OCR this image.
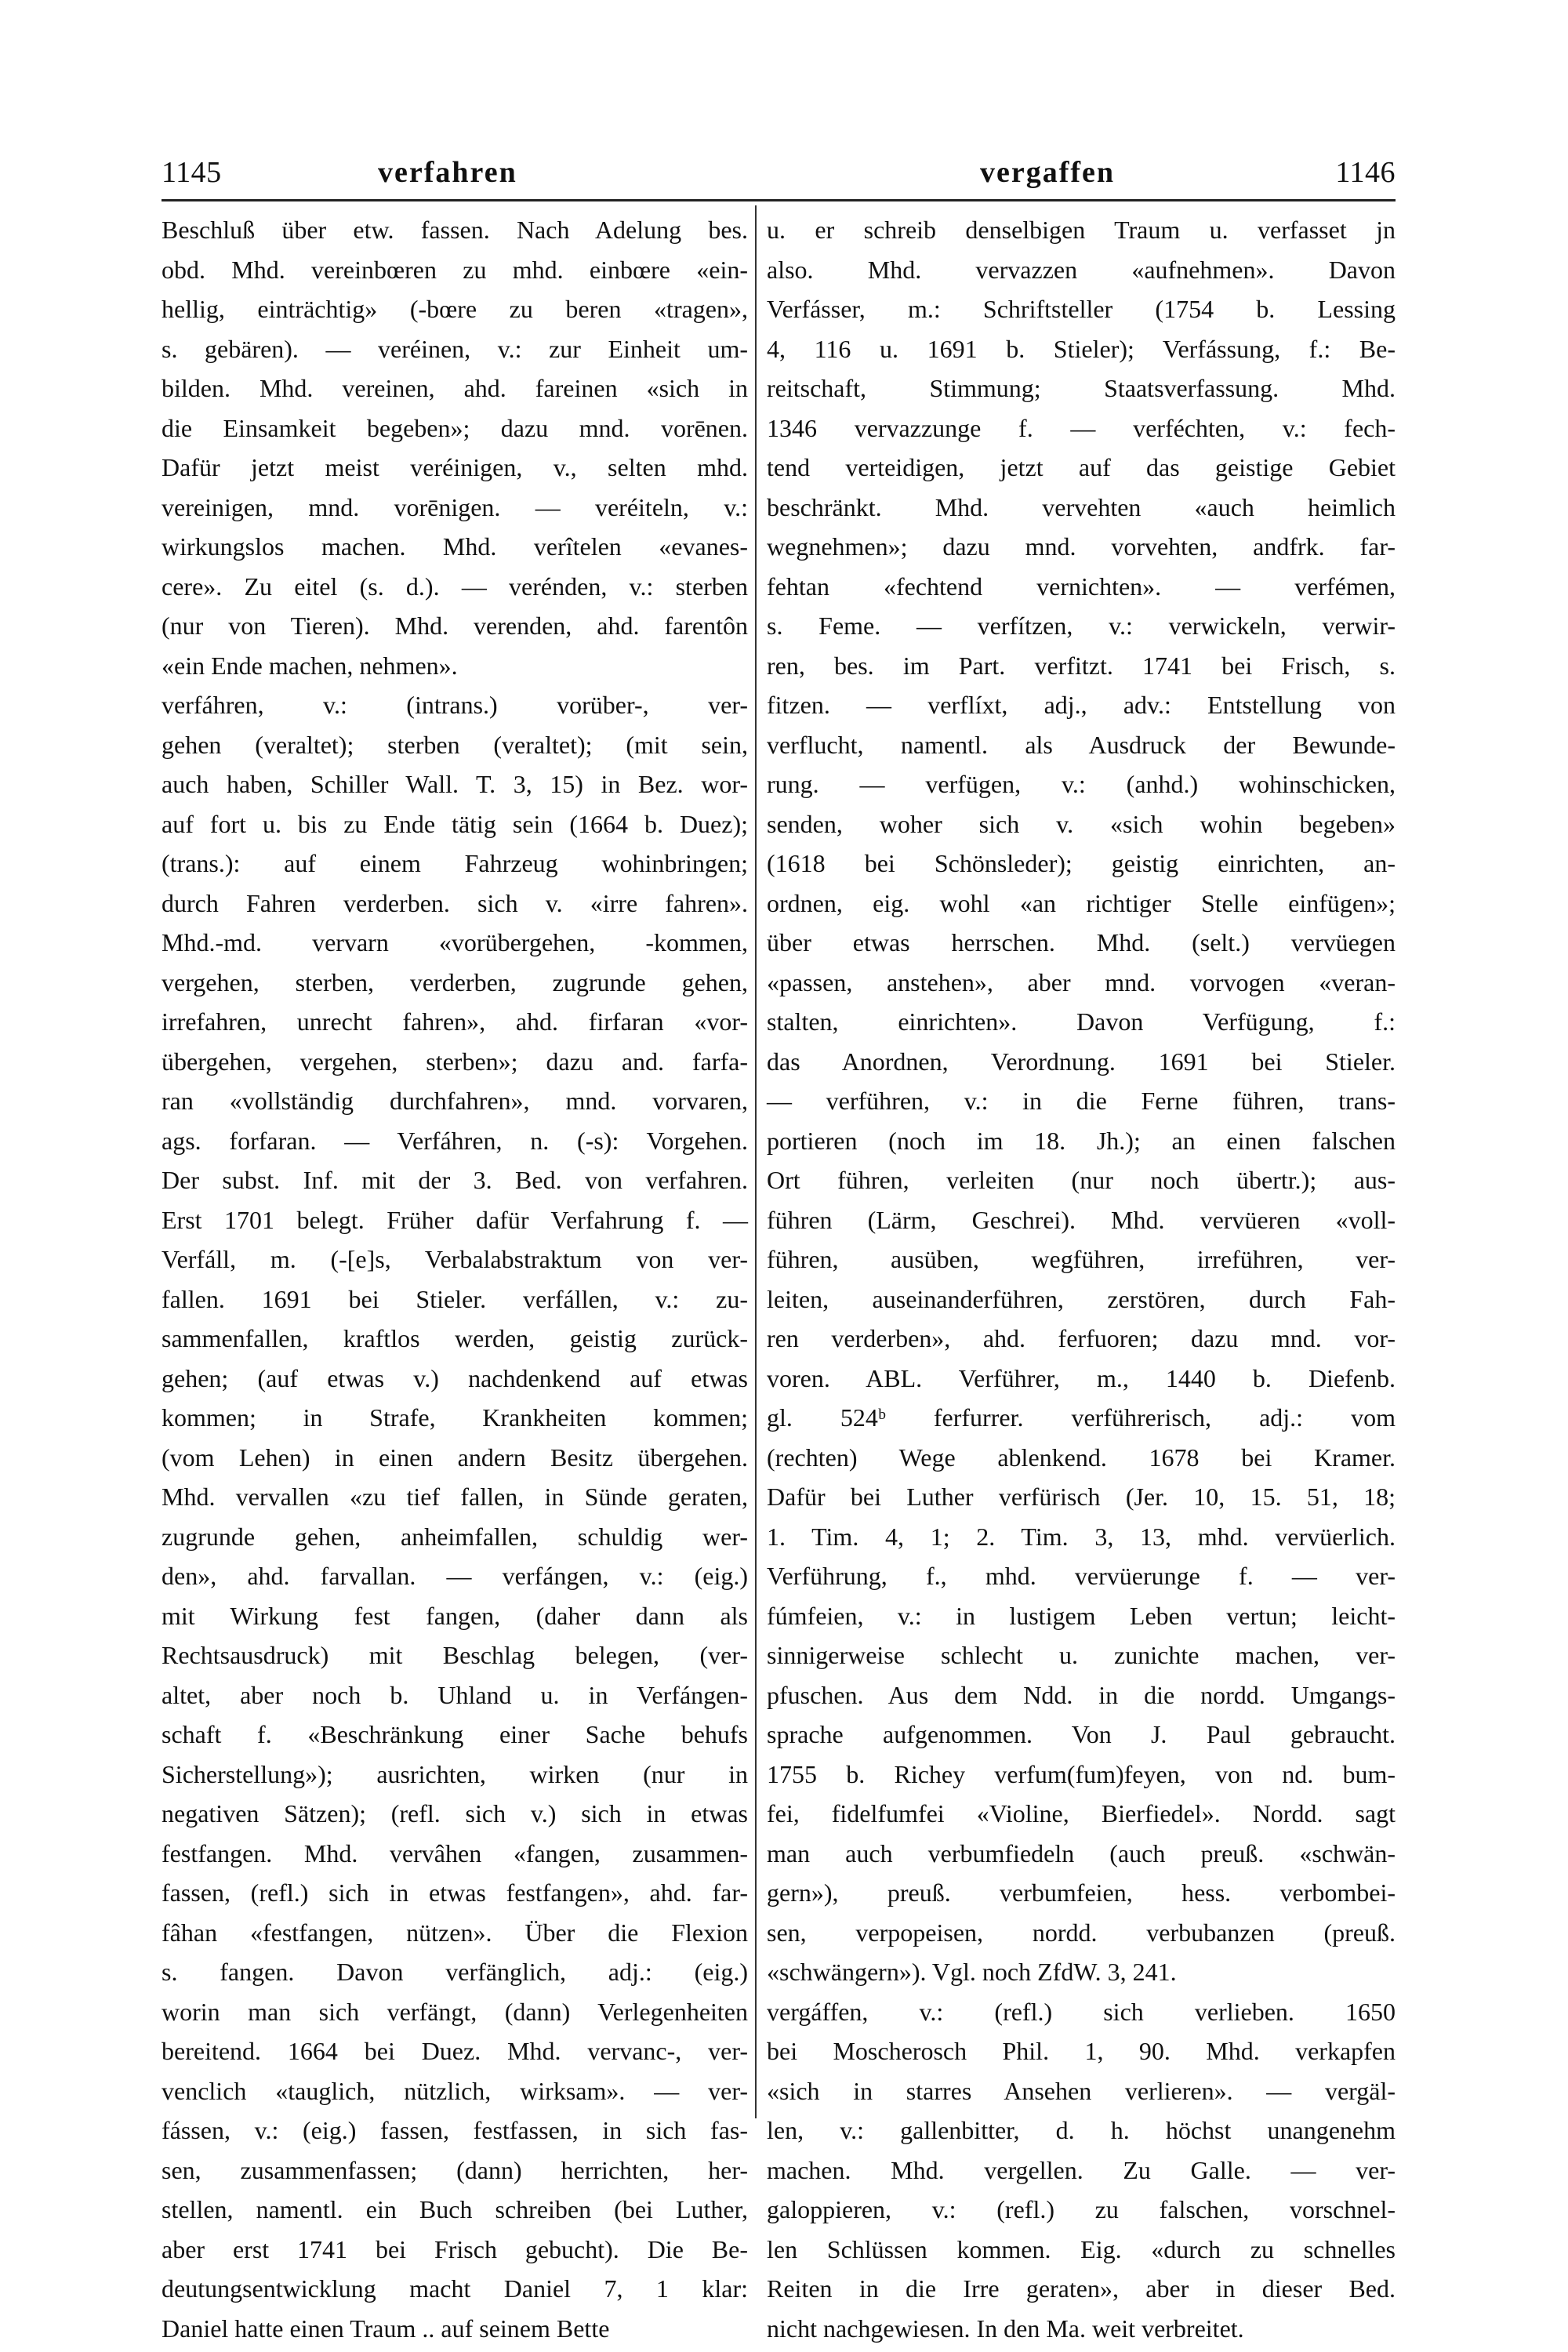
1145	verfahren	vergaffen	1146
Beschluß über etw. fassen. Nach Adelung bes.
obd. Mhd. vereinbœren zu mhd. einbœre «ein-
hellig, einträchtig» (-bœre zu beren «tragen»,
s. gebären). — veréinen, v.: zur Einheit um-
bilden. Mhd. vereinen, ahd. fareinen «sich in
die Einsamkeit begeben»; dazu mnd. vorēnen.
Dafür jetzt meist veréinigen, v., selten mhd.
vereinigen, mnd. vorēnigen. — veréiteln, v.:
wirkungslos machen. Mhd. verîtelen «evanes-
cere». Zu eitel (s. d.). — verénden, v.: sterben
(nur von Tieren). Mhd. verenden, ahd. farentôn
«ein Ende machen, nehmen».
verfáhren, v.: (intrans.) vorüber-, ver-
gehen (veraltet); sterben (veraltet); (mit sein,
auch haben, Schiller Wall. T. 3, 15) in Bez. wor-
auf fort u. bis zu Ende tätig sein (1664 b. Duez);
(trans.): auf einem Fahrzeug wohinbringen;
durch Fahren verderben. sich v. «irre fahren».
Mhd.-md. vervarn «vorübergehen, -kommen,
vergehen, sterben, verderben, zugrunde gehen,
irrefahren, unrecht fahren», ahd. firfaran «vor-
übergehen, vergehen, sterben»; dazu and. farfa-
ran «vollständig durchfahren», mnd. vorvaren,
ags. forfaran. — Verfáhren, n. (-s): Vorgehen.
Der subst. Inf. mit der 3. Bed. von verfahren.
Erst 1701 belegt. Früher dafür Verfahrung f. —
Verfáll, m. (-[e]s, Verbalabstraktum von ver-
fallen. 1691 bei Stieler. verfállen, v.: zu-
sammenfallen, kraftlos werden, geistig zurück-
gehen; (auf etwas v.) nachdenkend auf etwas
kommen; in Strafe, Krankheiten kommen;
(vom Lehen) in einen andern Besitz übergehen.
Mhd. vervallen «zu tief fallen, in Sünde geraten,
zugrunde gehen, anheimfallen, schuldig wer-
den», ahd. farvallan. — verfángen, v.: (eig.)
mit Wirkung fest fangen, (daher dann als
Rechtsausdruck) mit Beschlag belegen, (ver-
altet, aber noch b. Uhland u. in Verfángen-
schaft f. «Beschränkung einer Sache behufs
Sicherstellung»); ausrichten, wirken (nur in
negativen Sätzen); (refl. sich v.) sich in etwas
festfangen. Mhd. vervâhen «fangen, zusammen-
fassen, (refl.) sich in etwas festfangen», ahd. far-
fâhan «festfangen, nützen». Über die Flexion
s. fangen. Davon verfänglich, adj.: (eig.)
worin man sich verfängt, (dann) Verlegenheiten
bereitend. 1664 bei Duez. Mhd. vervanc-, ver-
venclich «tauglich, nützlich, wirksam». — ver-
fássen, v.: (eig.) fassen, festfassen, in sich fas-
sen, zusammenfassen; (dann) herrichten, her-
stellen, namentl. ein Buch schreiben (bei Luther,
aber erst 1741 bei Frisch gebucht). Die Be-
deutungsentwicklung macht Daniel 7, 1 klar:
Daniel hatte einen Traum .. auf seinem Bette
u. er schreib denselbigen Traum u. verfasset jn
also. Mhd. vervazzen «aufnehmen». Davon
Verfásser, m.: Schriftsteller (1754 b. Lessing
4, 116 u. 1691 b. Stieler); Verfássung, f.: Be-
reitschaft, Stimmung; Staatsverfassung. Mhd.
1346 vervazzunge f. — verféchten, v.: fech-
tend verteidigen, jetzt auf das geistige Gebiet
beschränkt. Mhd. vervehten «auch heimlich
wegnehmen»; dazu mnd. vorvehten, andfrk. far-
fehtan «fechtend vernichten». — verfémen,
s. Feme. — verfítzen, v.: verwickeln, verwir-
ren, bes. im Part. verfitzt. 1741 bei Frisch, s.
fitzen. — verflíxt, adj., adv.: Entstellung von
verflucht, namentl. als Ausdruck der Bewunde-
rung. — verfügen, v.: (anhd.) wohinschicken,
senden, woher sich v. «sich wohin begeben»
(1618 bei Schönsleder); geistig einrichten, an-
ordnen, eig. wohl «an richtiger Stelle einfügen»;
über etwas herrschen. Mhd. (selt.) vervüegen
«passen, anstehen», aber mnd. vorvogen «veran-
stalten, einrichten». Davon Verfügung, f.:
das Anordnen, Verordnung. 1691 bei Stieler.
— verführen, v.: in die Ferne führen, trans-
portieren (noch im 18. Jh.); an einen falschen
Ort führen, verleiten (nur noch übertr.); aus-
führen (Lärm, Geschrei). Mhd. vervüeren «voll-
führen, ausüben, wegführen, irreführen, ver-
leiten, auseinanderführen, zerstören, durch Fah-
ren verderben», ahd. ferfuoren; dazu mnd. vor-
voren. ABL. Verführer, m., 1440 b. Diefenb.
gl. 524ᵇ ferfurrer. verführerisch, adj.: vom
(rechten) Wege ablenkend. 1678 bei Kramer.
Dafür bei Luther verfürisch (Jer. 10, 15. 51, 18;
1. Tim. 4, 1; 2. Tim. 3, 13, mhd. vervüerlich.
Verführung, f., mhd. vervüerunge f. — ver-
fúmfeien, v.: in lustigem Leben vertun; leicht-
sinnigerweise schlecht u. zunichte machen, ver-
pfuschen. Aus dem Ndd. in die nordd. Umgangs-
sprache aufgenommen. Von J. Paul gebraucht.
1755 b. Richey verfum(fum)feyen, von nd. bum-
fei, fidelfumfei «Violine, Bierfiedel». Nordd. sagt
man auch verbumfiedeln (auch preuß. «schwän-
gern»), preuß. verbumfeien, hess. verbombei-
sen, verpopeisen, nordd. verbubanzen (preuß.
«schwängern»). Vgl. noch ZfdW. 3, 241.
vergáffen, v.: (refl.) sich verlieben. 1650
bei Moscherosch Phil. 1, 90. Mhd. verkapfen
«sich in starres Ansehen verlieren». — vergäl-
len, v.: gallenbitter, d. h. höchst unangenehm
machen. Mhd. vergellen. Zu Galle. — ver-
galoppieren, v.: (refl.) zu falschen, vorschnel-
len Schlüssen kommen. Eig. «durch zu schnelles
Reiten in die Irre geraten», aber in dieser Bed.
nicht nachgewiesen. In den Ma. weit verbreitet.
